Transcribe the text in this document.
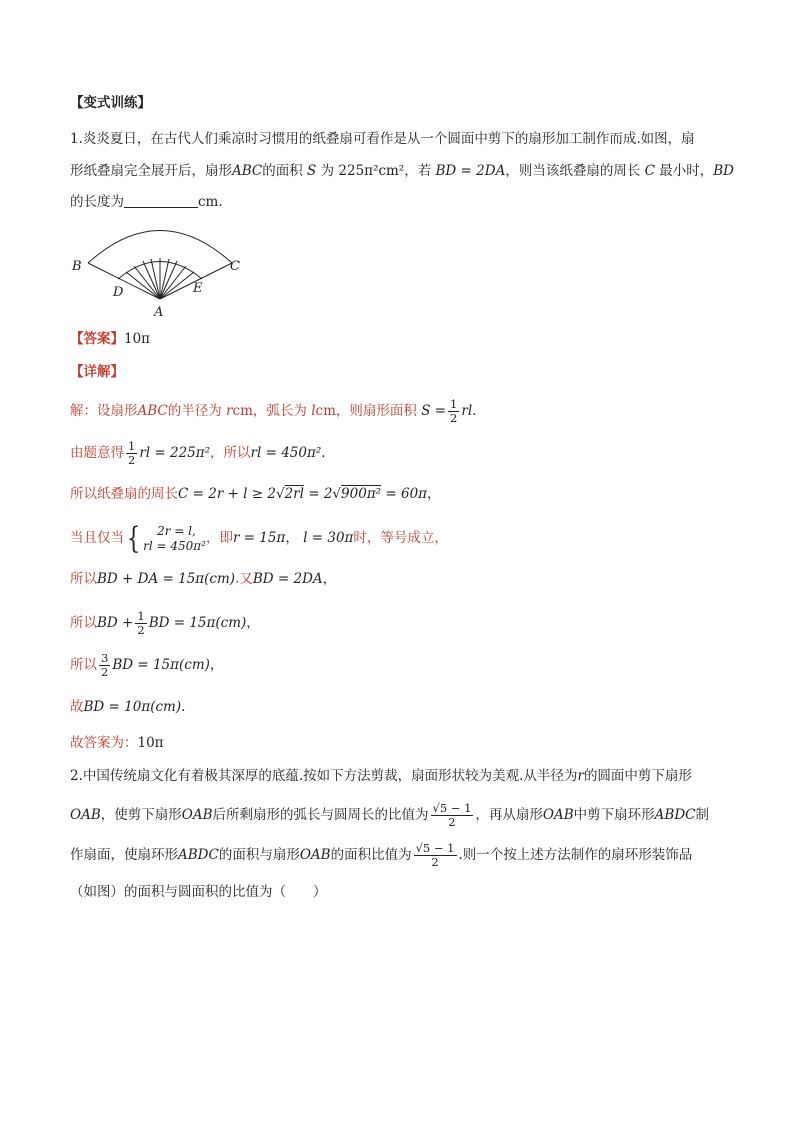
【变式训练】
1.炎炎夏日，在古代人们乘凉时习惯用的纸叠扇可看作是从一个圆面中剪下的扇形加工制作而成.如图，扇
形纸叠扇完全展开后，扇形ABC的面积 S 为 225π²cm²，若 BD = 2DA，则当该纸叠扇的周长 C 最小时，BD
的长度为	cm.
B	C
D	E
A
【答案】10π
【详解】
解：设扇形ABC的半径为 rcm，弧长为 lcm，则扇形面积 $S = \frac{1}{2}$ rl.
由题意得 $\frac{1}{2}$ rl = 225π²，所以rl = 450π².
所以纸叠扇的周长C = 2r + l ≥ 2√2rl = 2√900π² = 60π，
当且仅当{	2r = l,
rl = 450π² ，即r = 15π， l = 30π时，等号成立，
所以BD + DA = 15π(cm).又BD = 2DA，
所以BD + $\frac{1}{2}$ BD = 15π(cm)，
所以 $\frac{3}{2}$ BD = 15π(cm)，
故BD = 10π(cm).
故答案为：10π
2.中国传统扇文化有着极其深厚的底蕴.按如下方法剪裁，扇面形状较为美观.从半径为r的圆面中剪下扇形
OAB，使剪下扇形OAB后所剩扇形的弧长与圆周长的比值为 $\frac{√5 - 1}{2}$ ，再从扇形OAB中剪下扇环形ABDC制
作扇面，使扇环形ABDC的面积与扇形OAB的面积比值为 $\frac{√5 - 1}{2}$ .则一个按上述方法制作的扇环形装饰品
（如图）的面积与圆面积的比值为（　　）
